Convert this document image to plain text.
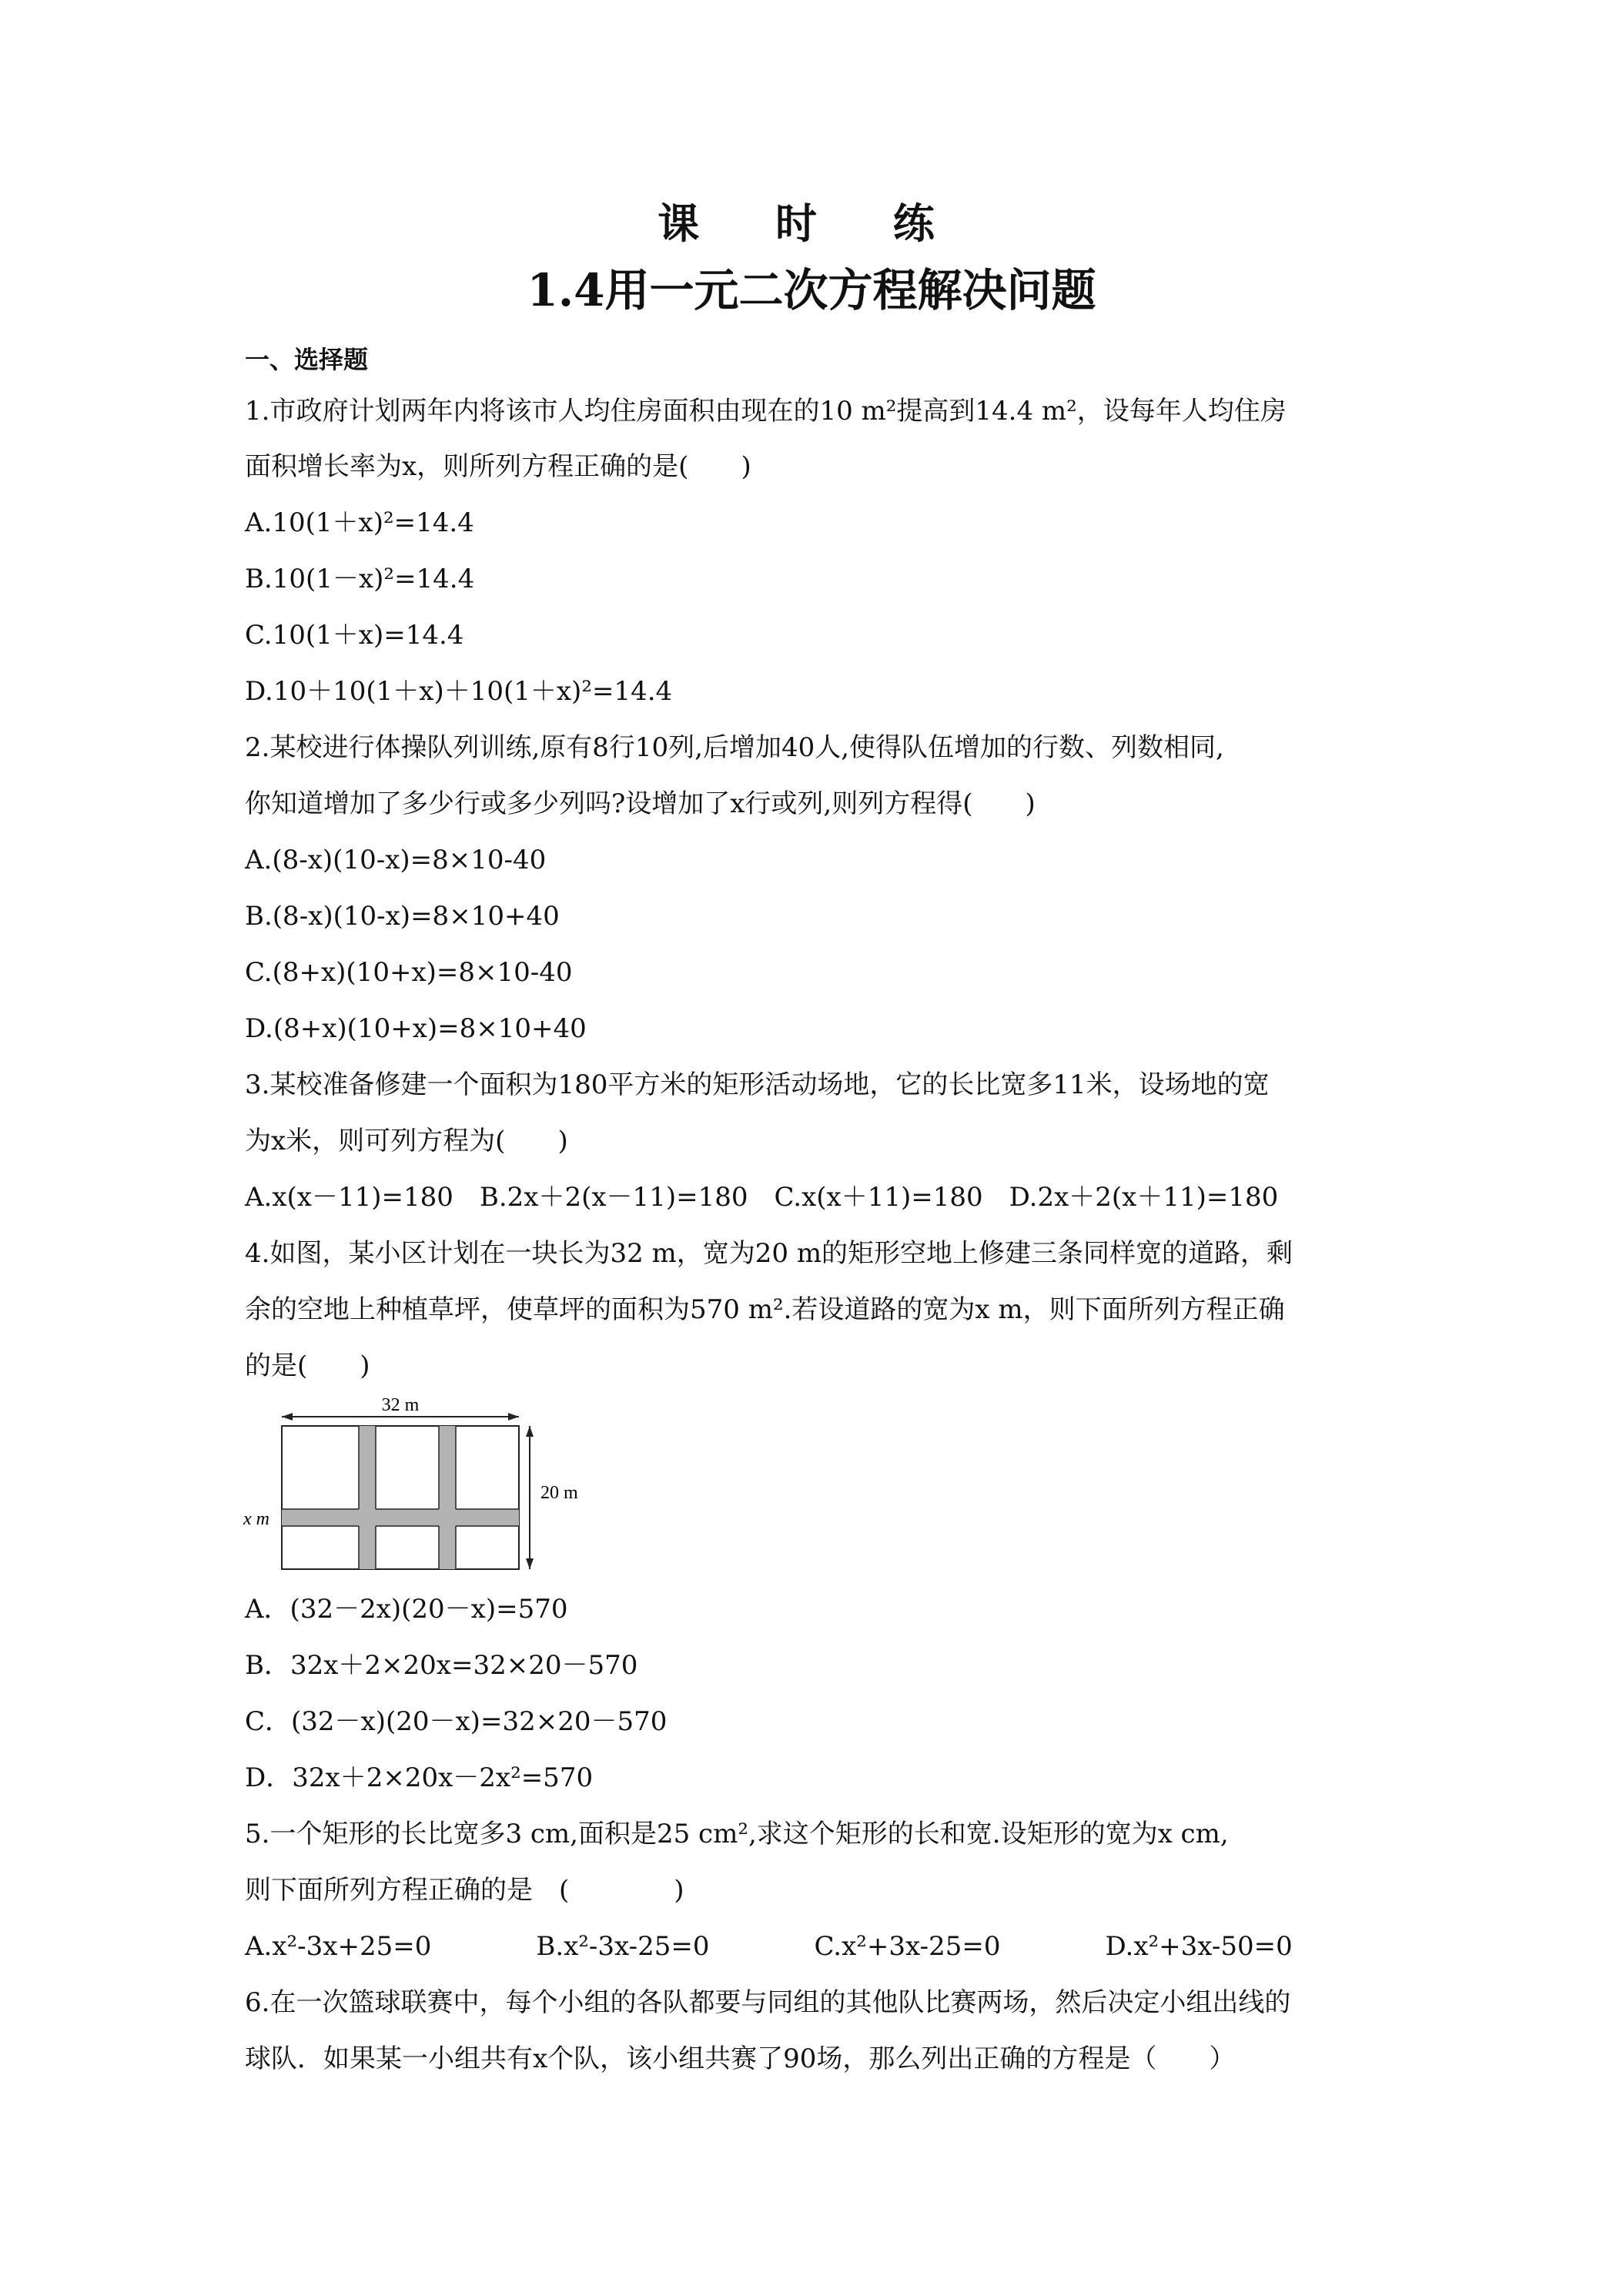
课 时 练
1.4用一元二次方程解决问题
一、选择题
1.市政府计划两年内将该市人均住房面积由现在的10 m²提高到14.4 m²，设每年人均住房
面积增长率为x，则所列方程正确的是(　　)
A.10(1＋x)²=14.4
B.10(1－x)²=14.4
C.10(1＋x)=14.4
D.10＋10(1＋x)＋10(1＋x)²=14.4
2.某校进行体操队列训练,原有8行10列,后增加40人,使得队伍增加的行数、列数相同,
你知道增加了多少行或多少列吗?设增加了x行或列,则列方程得(　　)
A.(8-x)(10-x)=8×10-40
B.(8-x)(10-x)=8×10+40
C.(8+x)(10+x)=8×10-40
D.(8+x)(10+x)=8×10+40
3.某校准备修建一个面积为180平方米的矩形活动场地，它的长比宽多11米，设场地的宽
为x米，则可列方程为(　　)
A.x(x－11)=180　B.2x＋2(x－11)=180　C.x(x＋11)=180　D.2x＋2(x＋11)=180
4.如图，某小区计划在一块长为32 m，宽为20 m的矩形空地上修建三条同样宽的道路，剩
余的空地上种植草坪，使草坪的面积为570 m².若设道路的宽为x m，则下面所列方程正确
的是(　　)
32 m
20 m
x m
A．(32－2x)(20－x)=570
B．32x＋2×20x=32×20－570
C．(32－x)(20－x)=32×20－570
D．32x＋2×20x－2x²=570
5.一个矩形的长比宽多3 cm,面积是25 cm²,求这个矩形的长和宽.设矩形的宽为x cm,
则下面所列方程正确的是　(　　　　)
A.x²-3x+25=0　　　　B.x²-3x-25=0　　　　C.x²+3x-25=0　　　　D.x²+3x-50=0
6.在一次篮球联赛中，每个小组的各队都要与同组的其他队比赛两场，然后决定小组出线的
球队．如果某一小组共有x个队，该小组共赛了90场，那么列出正确的方程是（　　）
